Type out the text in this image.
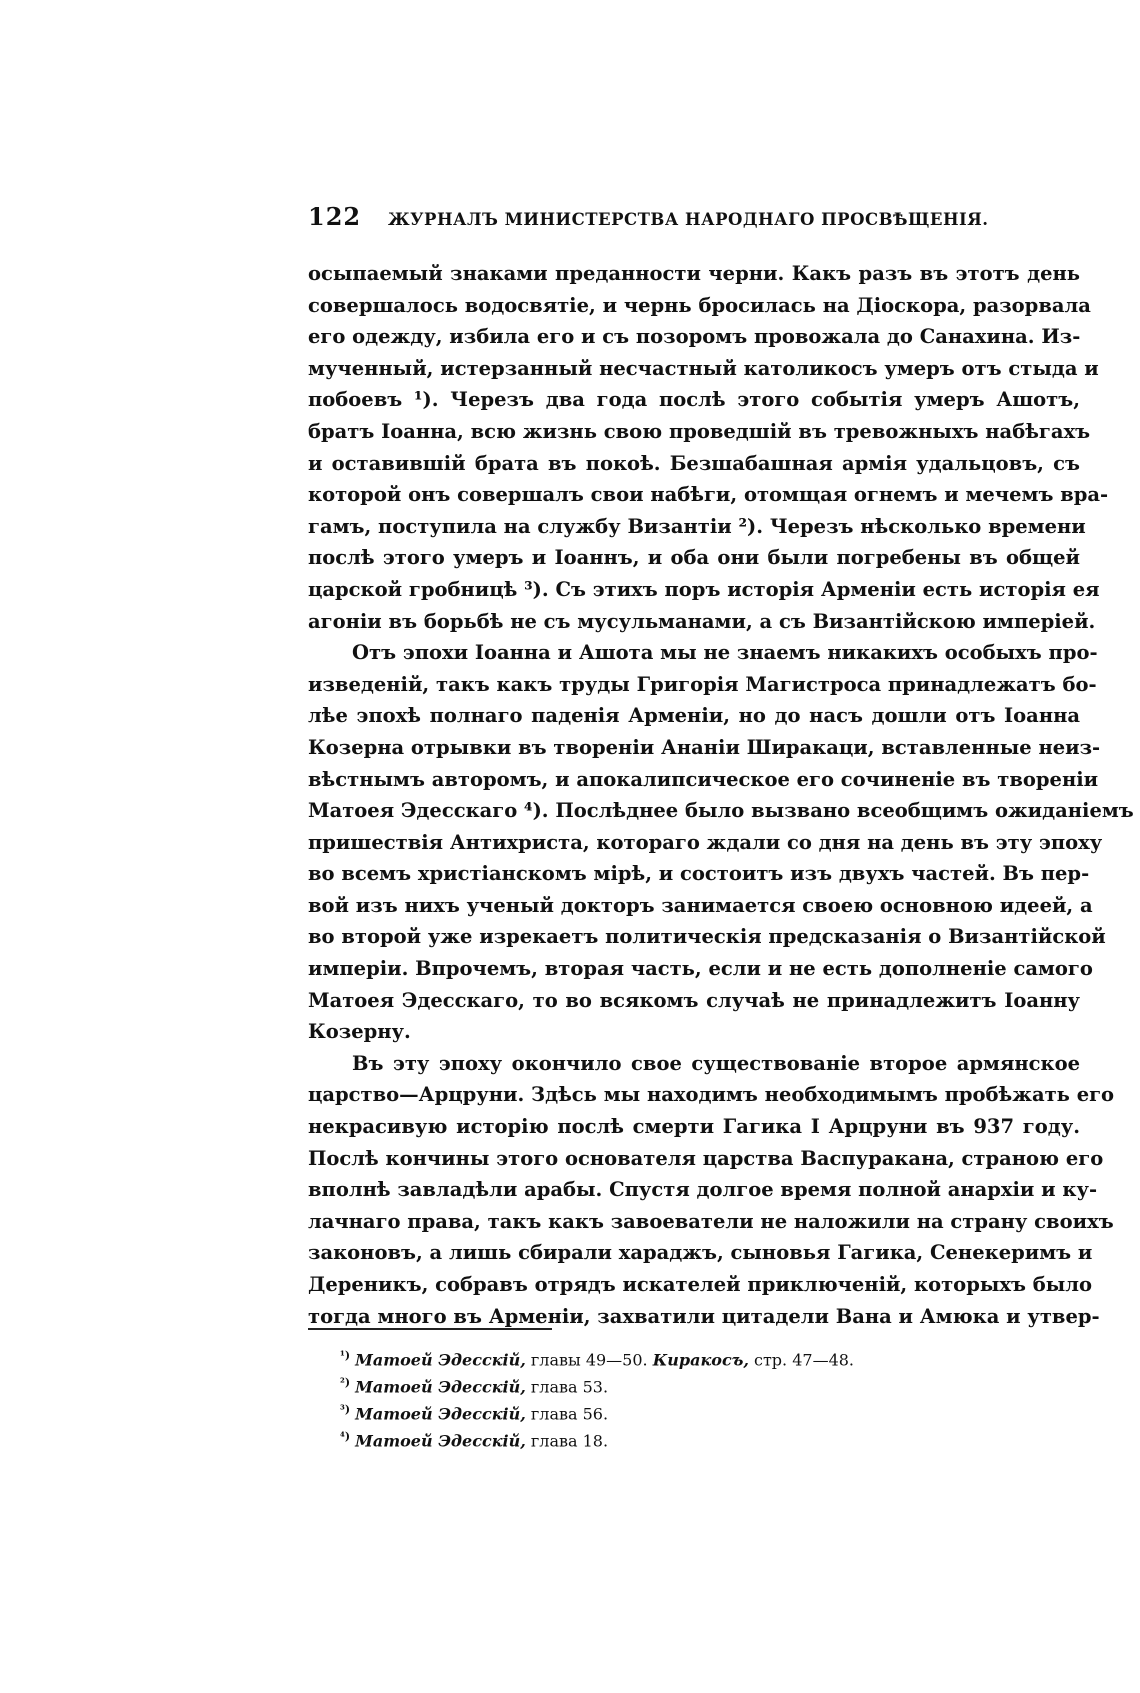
122	ЖУРНАЛЪ МИНИСТЕРСТВА НАРОДНАГО ПРОСВѢЩЕНІЯ.
осыпаемый знаками преданности черни. Какъ разъ въ этотъ день
совершалось водосвятіе, и чернь бросилась на Діоскора, разорвала
его одежду, избила его и съ позоромъ провожала до Санахина. Из-
мученный, истерзанный несчастный католикосъ умеръ отъ стыда и
побоевъ ¹). Черезъ два года послѣ этого событія умеръ Ашотъ,
братъ Іоанна, всю жизнь свою проведшій въ тревожныхъ набѣгахъ
и оставившій брата въ покоѣ. Безшабашная армія удальцовъ, съ
которой онъ совершалъ свои набѣги, отомщая огнемъ и мечемъ вра-
гамъ, поступила на службу Византіи ²). Черезъ нѣсколько времени
послѣ этого умеръ и Іоаннъ, и оба они были погребены въ общей
царской гробницѣ ³). Съ этихъ поръ исторія Арменіи есть исторія ея
агоніи въ борьбѣ не съ мусульманами, а съ Византійскою имперіей.
Отъ эпохи Іоанна и Ашота мы не знаемъ никакихъ особыхъ про-
изведеній, такъ какъ труды Григорія Магистроса принадлежатъ бо-
лѣе эпохѣ полнаго паденія Арменіи, но до насъ дошли отъ Іоанна
Козерна отрывки въ твореніи Ананіи Ширакаци, вставленные неиз-
вѣстнымъ авторомъ, и апокалипсическое его сочиненіе въ твореніи
Матоея Эдесскаго ⁴). Послѣднее было вызвано всеобщимъ ожиданіемъ
пришествія Антихриста, котораго ждали со дня на день въ эту эпоху
во всемъ христіанскомъ мірѣ, и состоитъ изъ двухъ частей. Въ пер-
вой изъ нихъ ученый докторъ занимается своею основною идеей, а
во второй уже изрекаетъ политическія предсказанія о Византійской
имперіи. Впрочемъ, вторая часть, если и не есть дополненіе самого
Матоея Эдесскаго, то во всякомъ случаѣ не принадлежитъ Іоанну
Козерну.
Въ эту эпоху окончило свое существованіе второе армянское
царство—Арцруни. Здѣсь мы находимъ необходимымъ пробѣжать его
некрасивую исторію послѣ смерти Гагика I Арцруни въ 937 году.
Послѣ кончины этого основателя царства Васпуракана, страною его
вполнѣ завладѣли арабы. Спустя долгое время полной анархіи и ку-
лачнаго права, такъ какъ завоеватели не наложили на страну своихъ
законовъ, а лишь сбирали хараджъ, сыновья Гагика, Сенекеримъ и
Дереникъ, собравъ отрядъ искателей приключеній, которыхъ было
тогда много въ Арменіи, захватили цитадели Вана и Амюка и утвер-
$^{^1)}$ Матоей Эдесскій, главы 49—50. Киракосъ, стр. 47—48.
$^{^2)}$ Матоей Эдесскій, глава 53.
$^{^3)}$ Матоей Эдесскій, глава 56.
$^{^4)}$ Матоей Эдесскій, глава 18.
